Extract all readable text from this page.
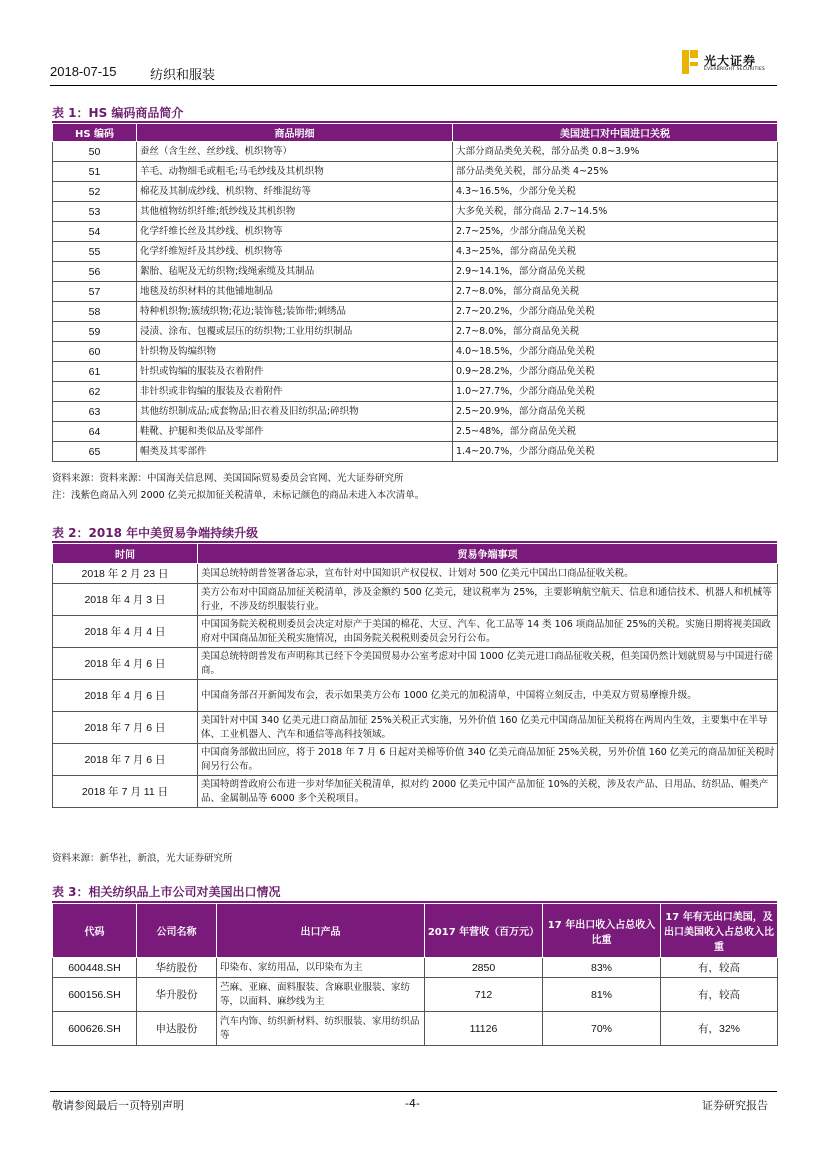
2018-07-15	纺织和服装
光大证券
EVERBRIGHT SECURITIES
表 1：HS 编码商品简介
HS 编码	商品明细	美国进口对中国进口关税
50	蚕丝（含生丝、丝纱线、机织物等）	大部分商品类免关税，部分品类 0.8~3.9%
51	羊毛、动物细毛或粗毛;马毛纱线及其机织物	部分品类免关税，部分品类 4~25%
52	棉花及其制成纱线、机织物、纤维混纺等	4.3~16.5%，少部分免关税
53	其他植物纺织纤维;纸纱线及其机织物	大多免关税，部分商品 2.7~14.5%
54	化学纤维长丝及其纱线、机织物等	2.7~25%，少部分商品免关税
55	化学纤维短纤及其纱线、机织物等	4.3~25%，部分商品免关税
56	絮胎、毡呢及无纺织物;线绳索缆及其制品	2.9~14.1%，部分商品免关税
57	地毯及纺织材料的其他铺地制品	2.7~8.0%，部分商品免关税
58	特种机织物;簇绒织物;花边;装饰毯;装饰带;刺绣品	2.7~20.2%，少部分商品免关税
59	浸渍、涂布、包覆或层压的纺织物;工业用纺织制品	2.7~8.0%，部分商品免关税
60	针织物及钩编织物	4.0~18.5%，少部分商品免关税
61	针织或钩编的服装及衣着附件	0.9~28.2%，少部分商品免关税
62	非针织或非钩编的服装及衣着附件	1.0~27.7%，少部分商品免关税
63	其他纺织制成品;成套物品;旧衣着及旧纺织品;碎织物	2.5~20.9%，部分商品免关税
64	鞋靴、护腿和类似品及零部件	2.5~48%，部分商品免关税
65	帽类及其零部件	1.4~20.7%，少部分商品免关税
资料来源：资料来源：中国海关信息网、美国国际贸易委员会官网、光大证券研究所
注：浅紫色商品入列 2000 亿美元拟加征关税清单，未标记颜色的商品未进入本次清单。
表 2：2018 年中美贸易争端持续升级
时间	贸易争端事项
2018 年 2 月 23 日	美国总统特朗普签署备忘录，宣布针对中国知识产权侵权、计划对 500 亿美元中国出口商品征收关税。
2018 年 4 月 3 日	美方公布对中国商品加征关税清单，涉及金额约 500 亿美元，建议税率为 25%，主要影响航空航天、信息和通信技术、机器人和机械等行业，不涉及纺织服装行业。
2018 年 4 月 4 日	中国国务院关税税则委员会决定对原产于美国的棉花、大豆、汽车、化工品等 14 类 106 项商品加征 25%的关税。实施日期将视美国政府对中国商品加征关税实施情况，由国务院关税税则委员会另行公布。
2018 年 4 月 6 日	美国总统特朗普发布声明称其已经下令美国贸易办公室考虑对中国 1000 亿美元进口商品征收关税，但美国仍然计划就贸易与中国进行磋商。
2018 年 4 月 6 日	中国商务部召开新闻发布会，表示如果美方公布 1000 亿美元的加税清单，中国将立刻反击，中美双方贸易摩擦升级。
2018 年 7 月 6 日	美国针对中国 340 亿美元进口商品加征 25%关税正式实施，另外价值 160 亿美元中国商品加征关税将在两周内生效，主要集中在半导体、工业机器人、汽车和通信等高科技领域。
2018 年 7 月 6 日	中国商务部做出回应，将于 2018 年 7 月 6 日起对美棉等价值 340 亿美元商品加征 25%关税，另外价值 160 亿美元的商品加征关税时间另行公布。
2018 年 7 月 11 日	美国特朗普政府公布进一步对华加征关税清单，拟对约 2000 亿美元中国产品加征 10%的关税，涉及农产品、日用品、纺织品、帽类产品、金属制品等 6000 多个关税项目。
资料来源：新华社，新浪，光大证券研究所
表 3：相关纺织品上市公司对美国出口情况
代码	公司名称	出口产品	2017 年营收（百万元）	17 年出口收入占总收入比重	17 年有无出口美国，及出口美国收入占总收入比重
600448.SH	华纺股份	印染布、家纺用品，以印染布为主	2850	83%	有，较高
600156.SH	华升股份	苎麻、亚麻、面料服装、含麻职业服装、家纺等，以面料、麻纱线为主	712	81%	有，较高
600626.SH	申达股份	汽车内饰、纺织新材料、纺织服装、家用纺织品等	11126	70%	有，32%
敬请参阅最后一页特别声明	-4-	证券研究报告
